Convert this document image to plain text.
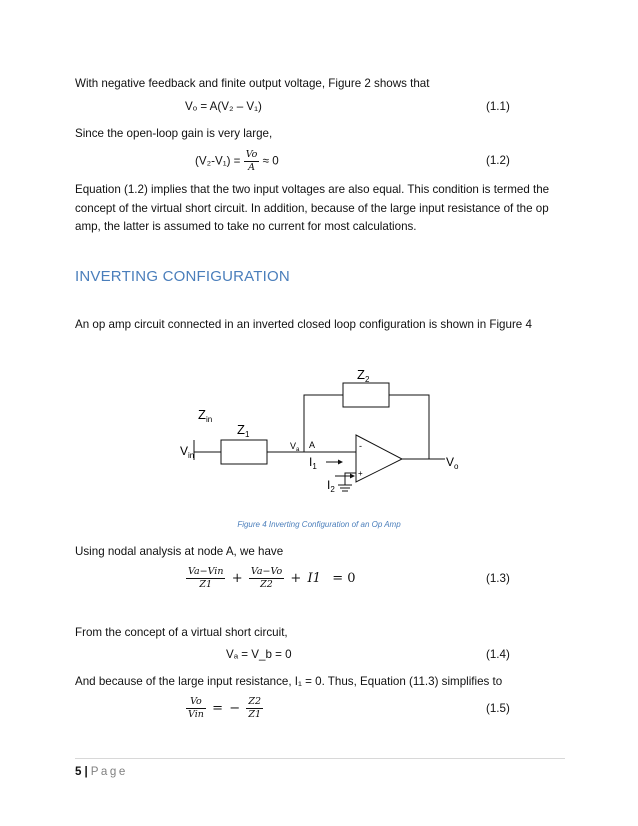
With negative feedback and finite output voltage, Figure 2 shows that
Vₒ = A(V₂ – V₁)	(1.1)
Since the open-loop gain is very large,
$(V_2-V_1) = \frac{Vo}{A} \approx 0$	(1.2)
Equation (1.2) implies that the two input voltages are also equal. This condition is termed the concept of the virtual short circuit. In addition, because of the large input resistance of the op amp, the latter is assumed to take no current for most calculations.
INVERTING CONFIGURATION
An op amp circuit connected in an inverted closed loop configuration is shown in Figure 4
$Z_2$
$Z_{in}$
$Z_1$
$V_{in}$
$V_a$ A
$I_1$
$I_2$
$V_o$
-
+
Figure 4 Inverting Configuration of an Op Amp
Using nodal analysis at node A, we have
$\frac{\text{Va−Vin}}{Z1} + \frac{Va-Vo}{Z2} + I1 = 0$	(1.3)
From the concept of a virtual short circuit,
Vₐ = V_b = 0	(1.4)
And because of the large input resistance, I₁ = 0. Thus, Equation (11.3) simplifies to
$\frac{Vo}{\text{Vin}}$ = − $\frac{Z2}{Z1}$	(1.5)
5 | Page
